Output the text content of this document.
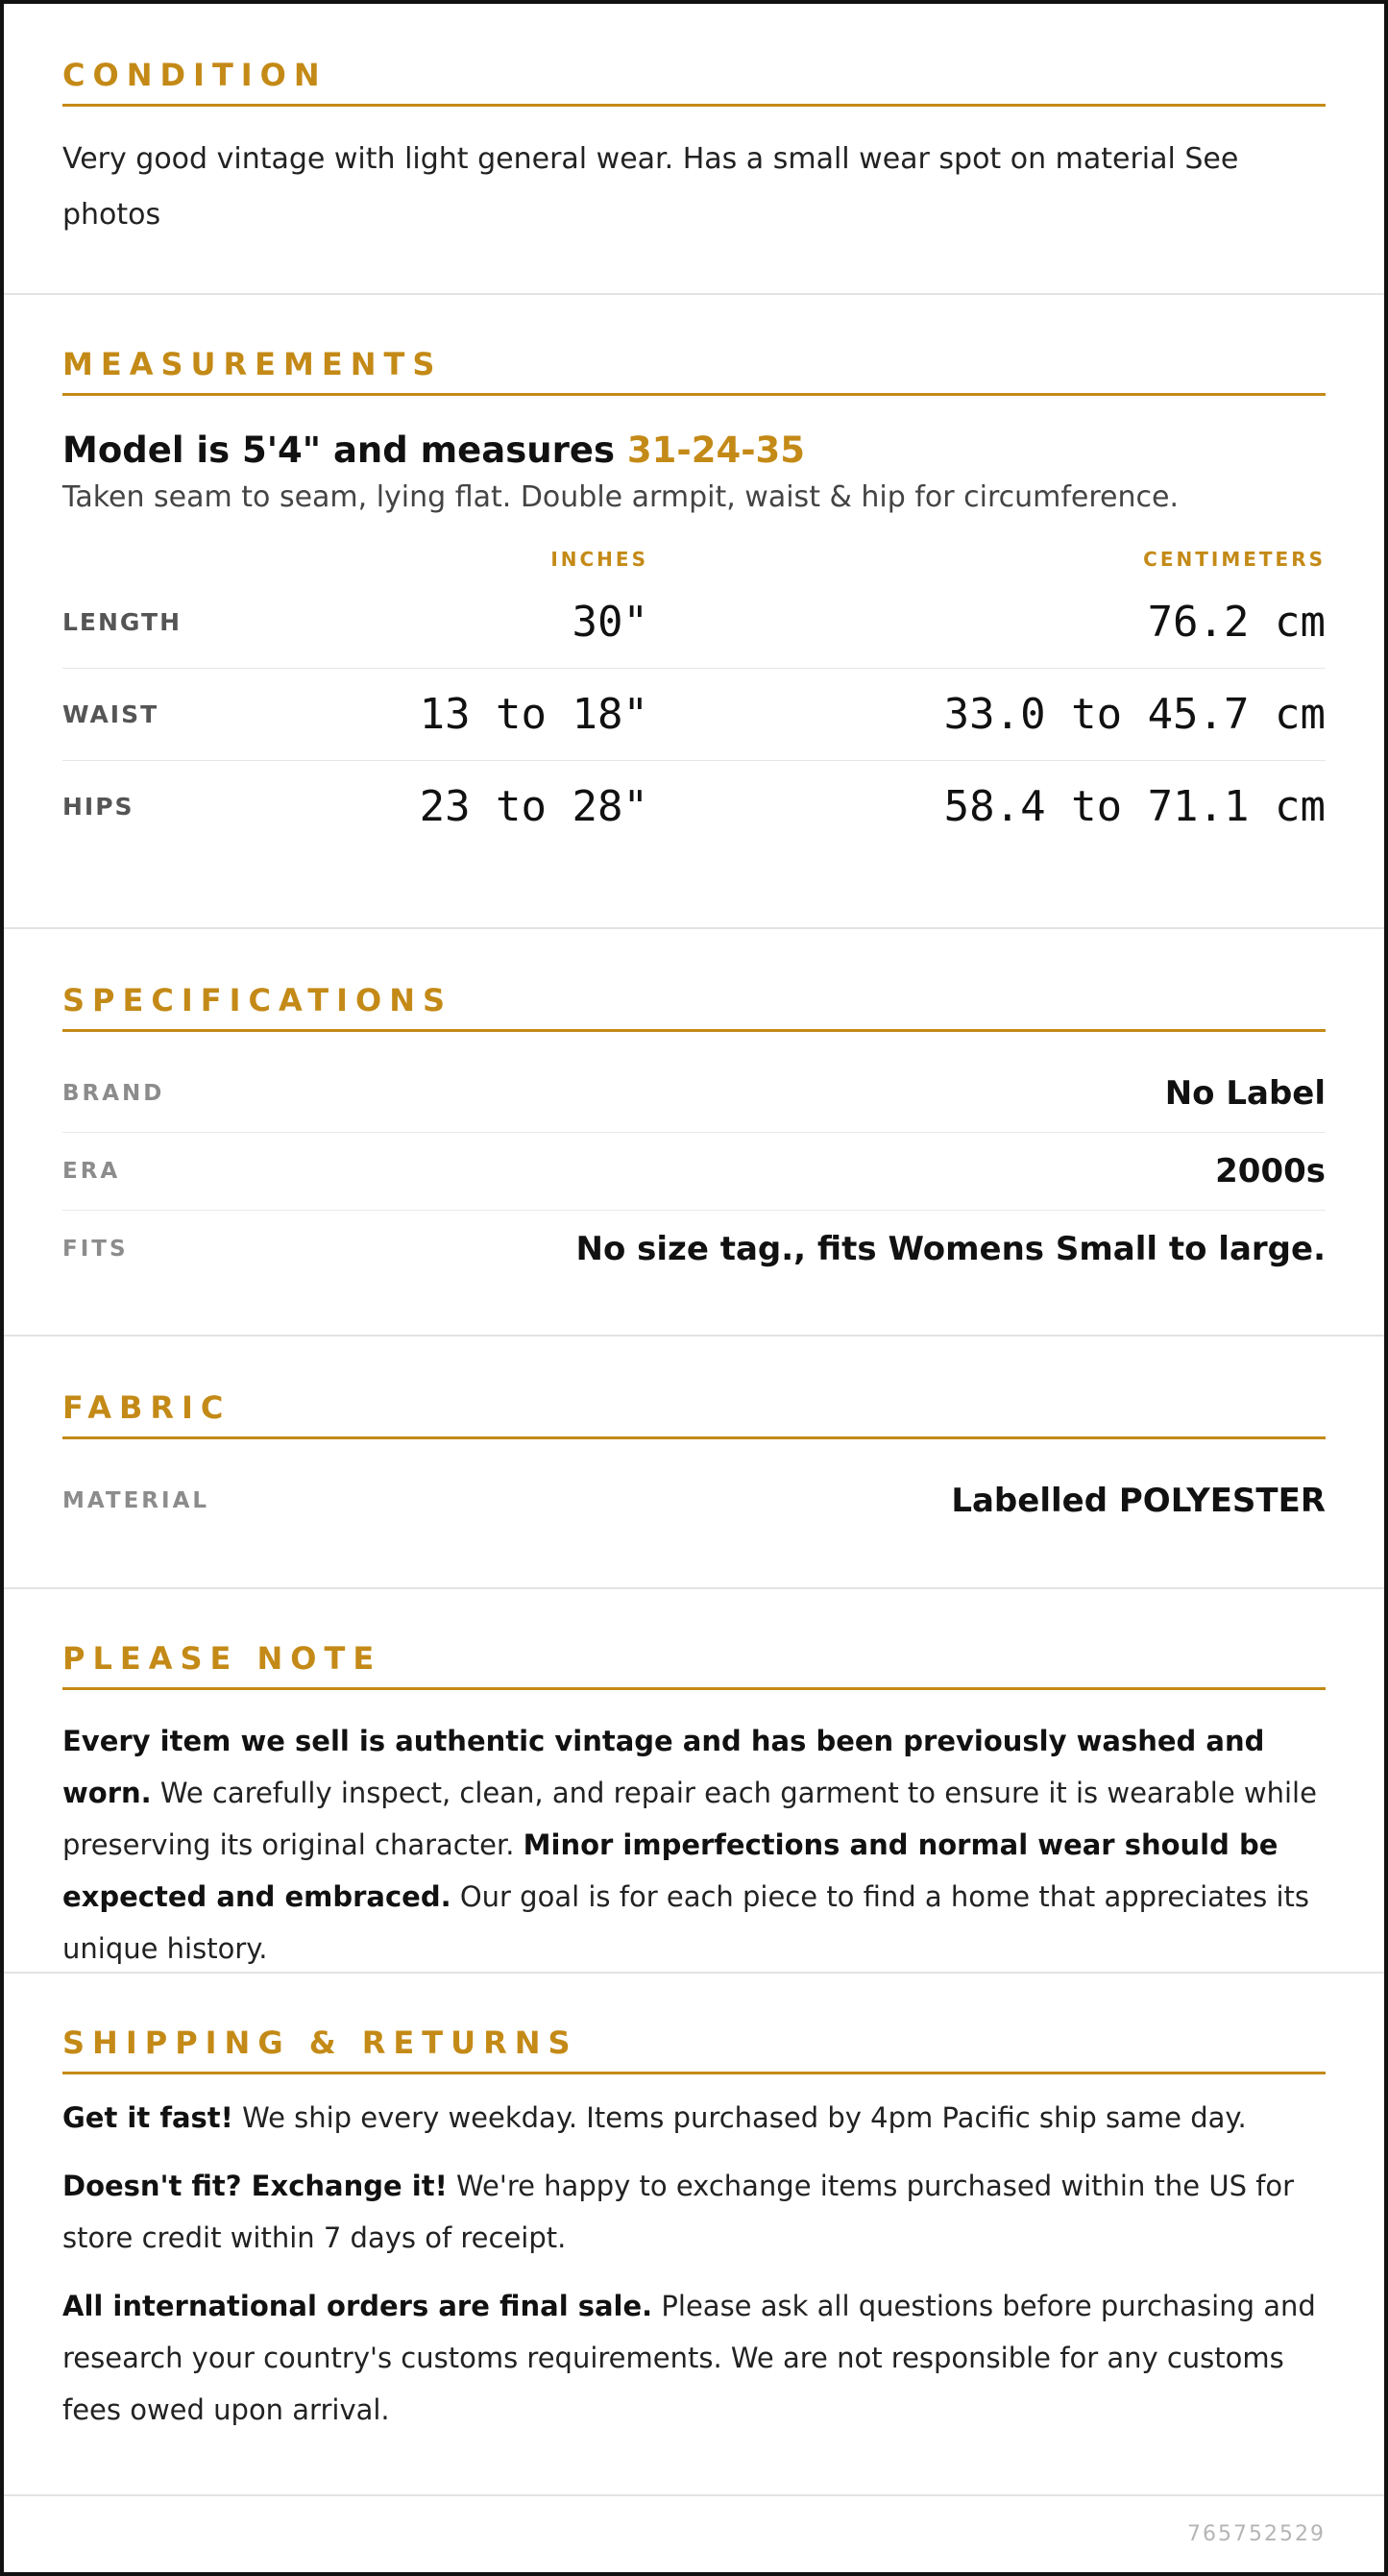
CONDITION

Very good vintage with light general wear. Has a small wear spot on material See photos

MEASUREMENTS
Model is 5'4" and measures 31-24-35
Taken seam to seam, lying flat. Double armpit, waist & hip for circumference.
INCHES	CENTIMETERS
LENGTH	30"	76.2 cm
WAIST	13 to 18"	33.0 to 45.7 cm
HIPS	23 to 28"	58.4 to 71.1 cm
SPECIFICATIONS
BRAND	No Label
ERA	2000s
FITS	No size tag., fits Womens Small to large.
FABRIC
MATERIAL	Labelled POLYESTER
PLEASE NOTE

Every item we sell is authentic vintage and has been previously washed and worn. We carefully inspect, clean, and repair each garment to ensure it is wearable while preserving its original character. Minor imperfections and normal wear should be expected and embraced. Our goal is for each piece to find a home that appreciates its unique history.

SHIPPING & RETURNS

Get it fast! We ship every weekday. Items purchased by 4pm Pacific ship same day.

Doesn't fit? Exchange it! We're happy to exchange items purchased within the US for store credit within 7 days of receipt.

All international orders are final sale. Please ask all questions before purchasing and research your country's customs requirements. We are not responsible for any customs fees owed upon arrival.

765752529
